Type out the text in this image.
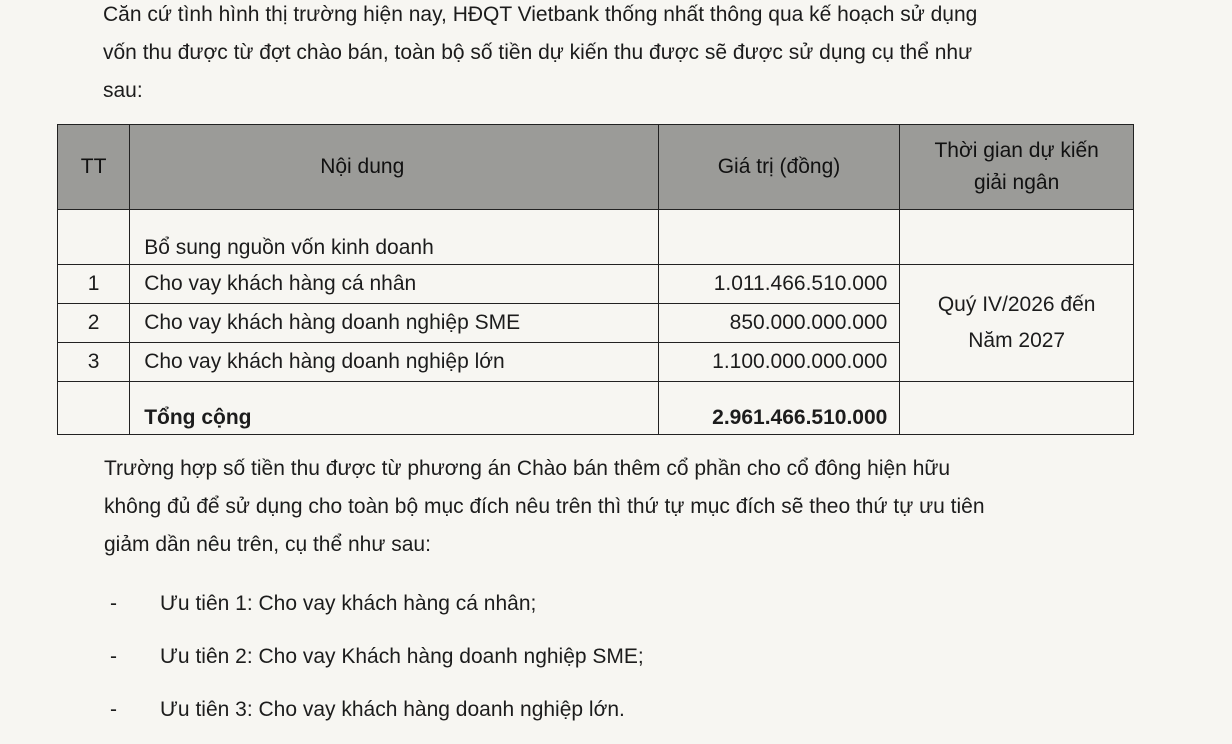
Căn cứ tình hình thị trường hiện nay, HĐQT Vietbank thống nhất thông qua kế hoạch sử dụng
vốn thu được từ đợt chào bán, toàn bộ số tiền dự kiến thu được sẽ được sử dụng cụ thể như
sau:

TT	Nội dung	Giá trị (đồng)	Thời gian dự kiến
giải ngân
	Bổ sung nguồn vốn kinh doanh		
1	Cho vay khách hàng cá nhân	1.011.466.510.000	Quý IV/2026 đến
Năm 2027
2	Cho vay khách hàng doanh nghiệp SME	850.000.000.000	
3	Cho vay khách hàng doanh nghiệp lớn	1.100.000.000.000	
	Tổng cộng	2.961.466.510.000	

Trường hợp số tiền thu được từ phương án Chào bán thêm cổ phần cho cổ đông hiện hữu
không đủ để sử dụng cho toàn bộ mục đích nêu trên thì thứ tự mục đích sẽ theo thứ tự ưu tiên
giảm dần nêu trên, cụ thể như sau:

- Ưu tiên 1: Cho vay khách hàng cá nhân;
- Ưu tiên 2: Cho vay Khách hàng doanh nghiệp SME;
- Ưu tiên 3: Cho vay khách hàng doanh nghiệp lớn.
